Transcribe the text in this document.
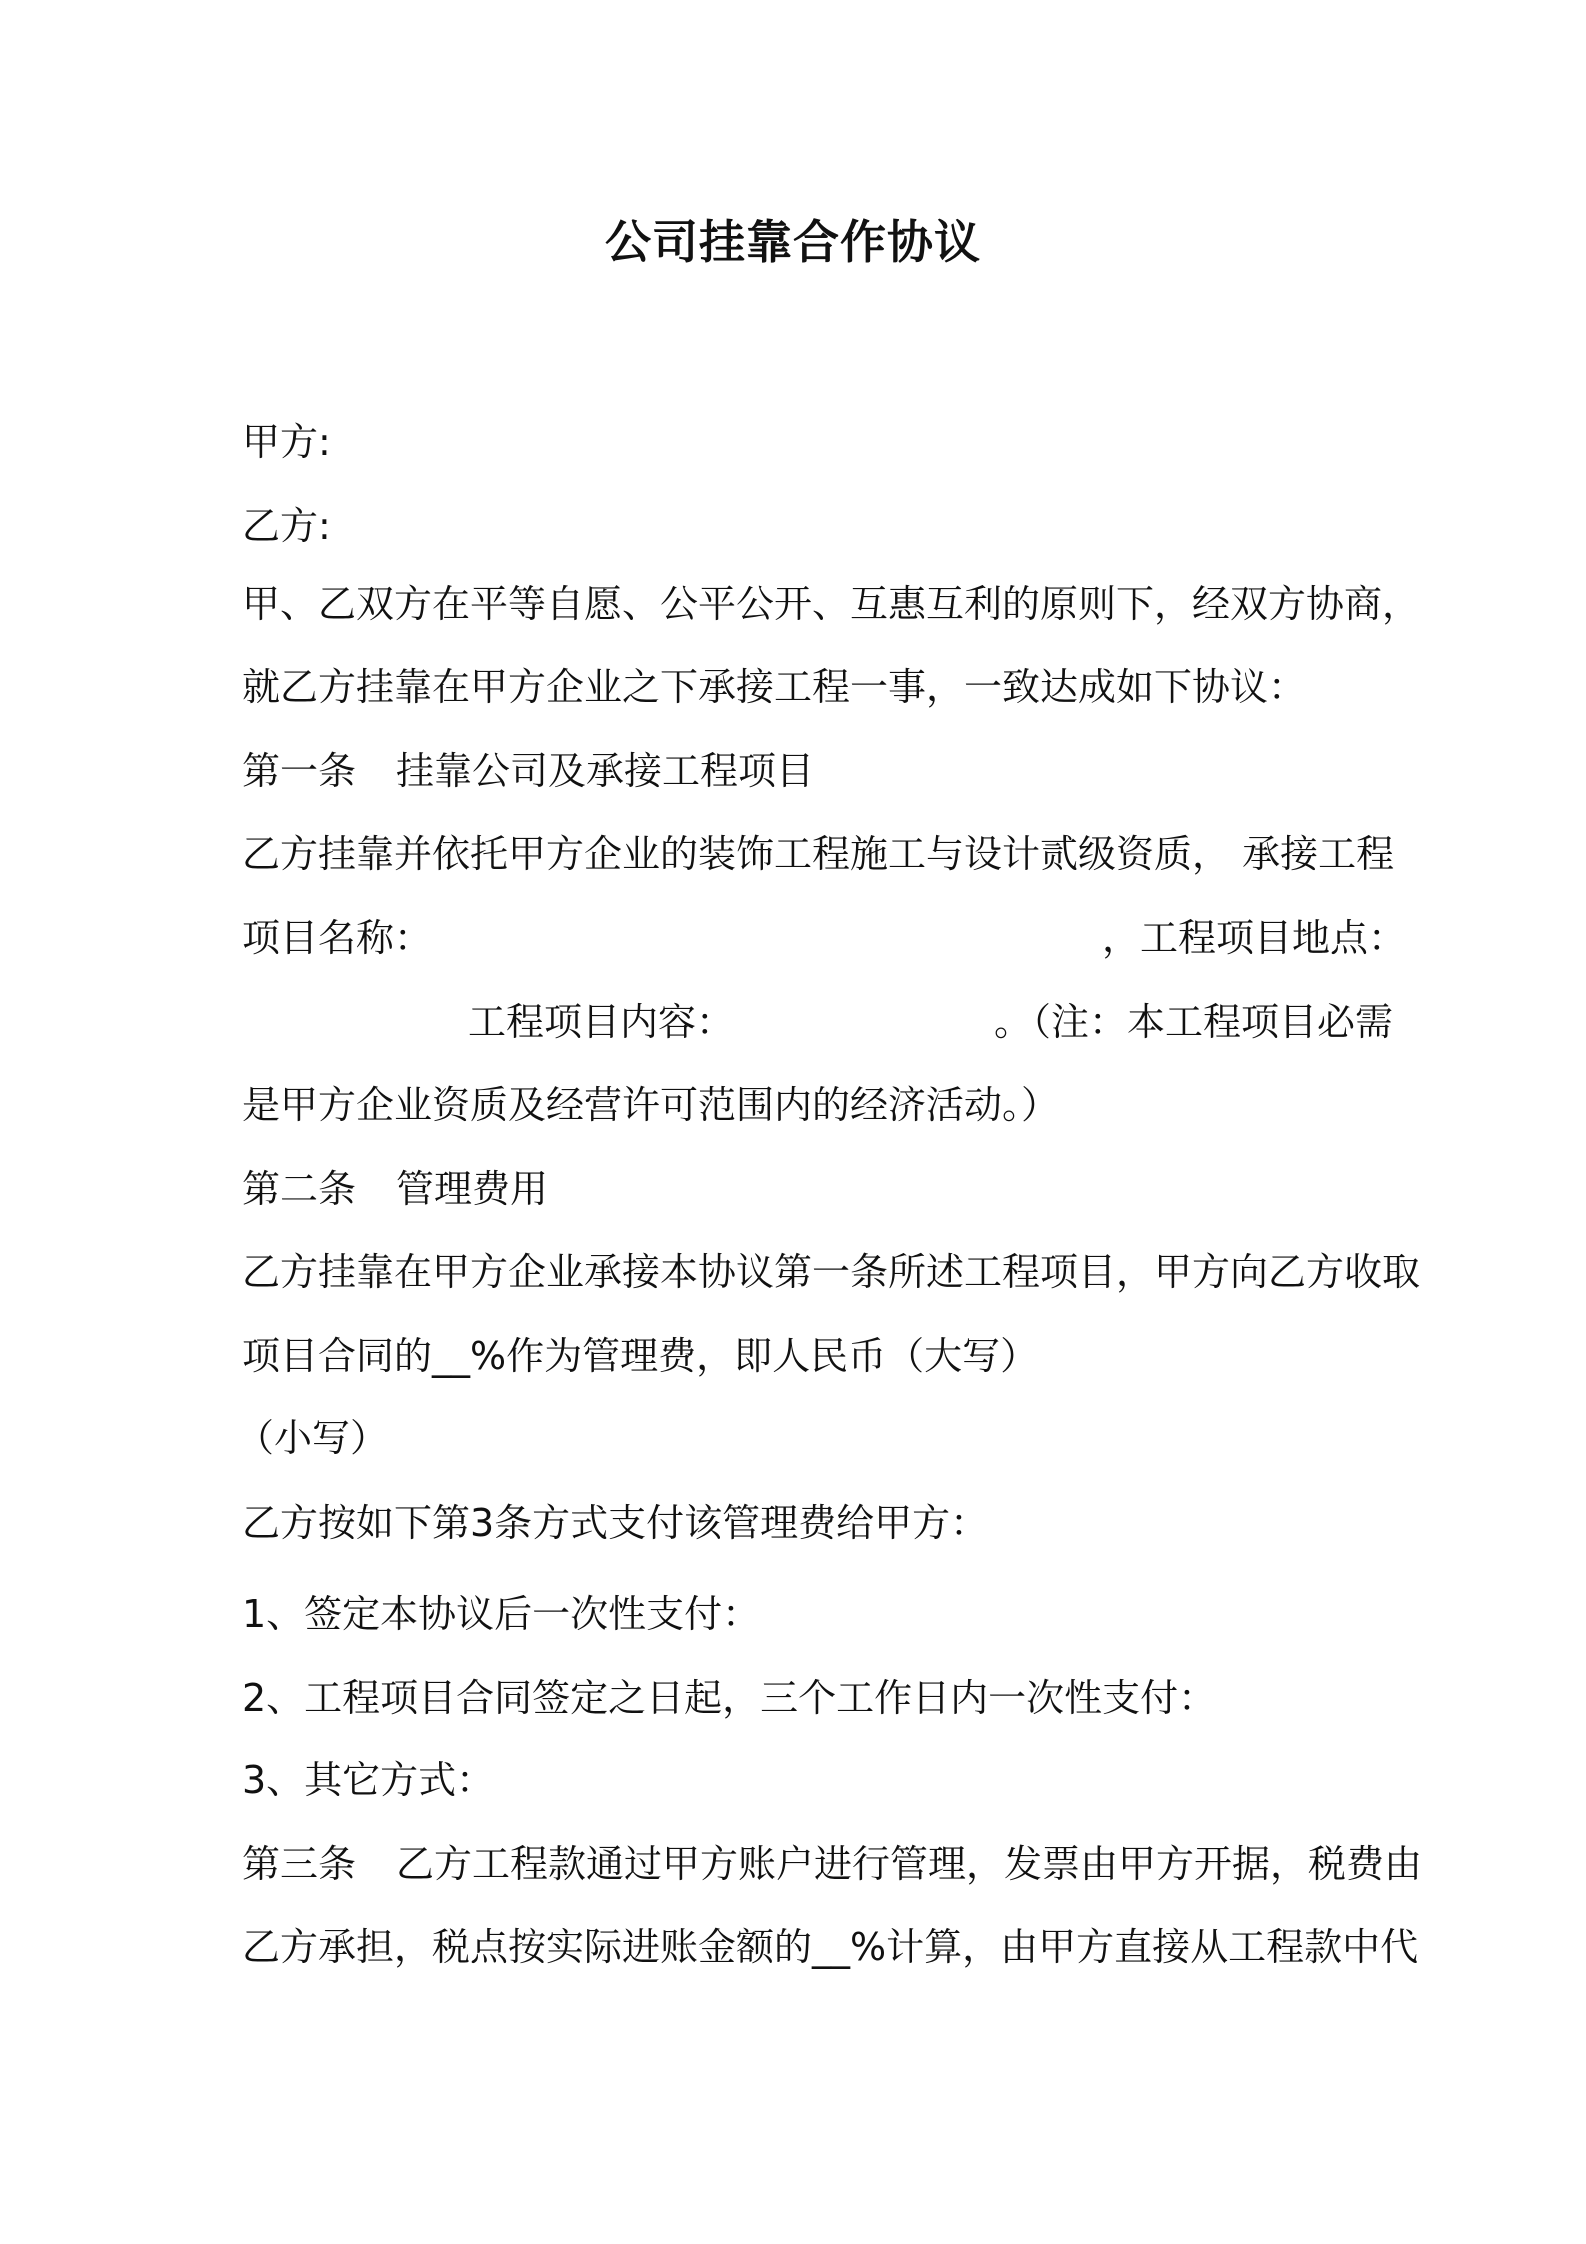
公司挂靠合作协议

甲方:

乙方:

甲、乙双方在平等自愿、公平公开、互惠互利的原则下，经双方协商，

就乙方挂靠在甲方企业之下承接工程一事，一致达成如下协议：

第一条 挂靠公司及承接工程项目

乙方挂靠并依托甲方企业的装饰工程施工与设计贰级资质， 承接工程

项目名称：	，工程项目地点：

工程项目内容：	。（注：本工程项目必需

是甲方企业资质及经营许可范围内的经济活动。）

第二条 管理费用

乙方挂靠在甲方企业承接本协议第一条所述工程项目，甲方向乙方收取

项目合同的__%作为管理费，即人民币（大写）

（小写）

乙方按如下第3条方式支付该管理费给甲方：

1、签定本协议后一次性支付：

2、工程项目合同签定之日起，三个工作日内一次性支付：

3、其它方式：

第三条 乙方工程款通过甲方账户进行管理，发票由甲方开据，税费由

乙方承担，税点按实际进账金额的__%计算，由甲方直接从工程款中代
